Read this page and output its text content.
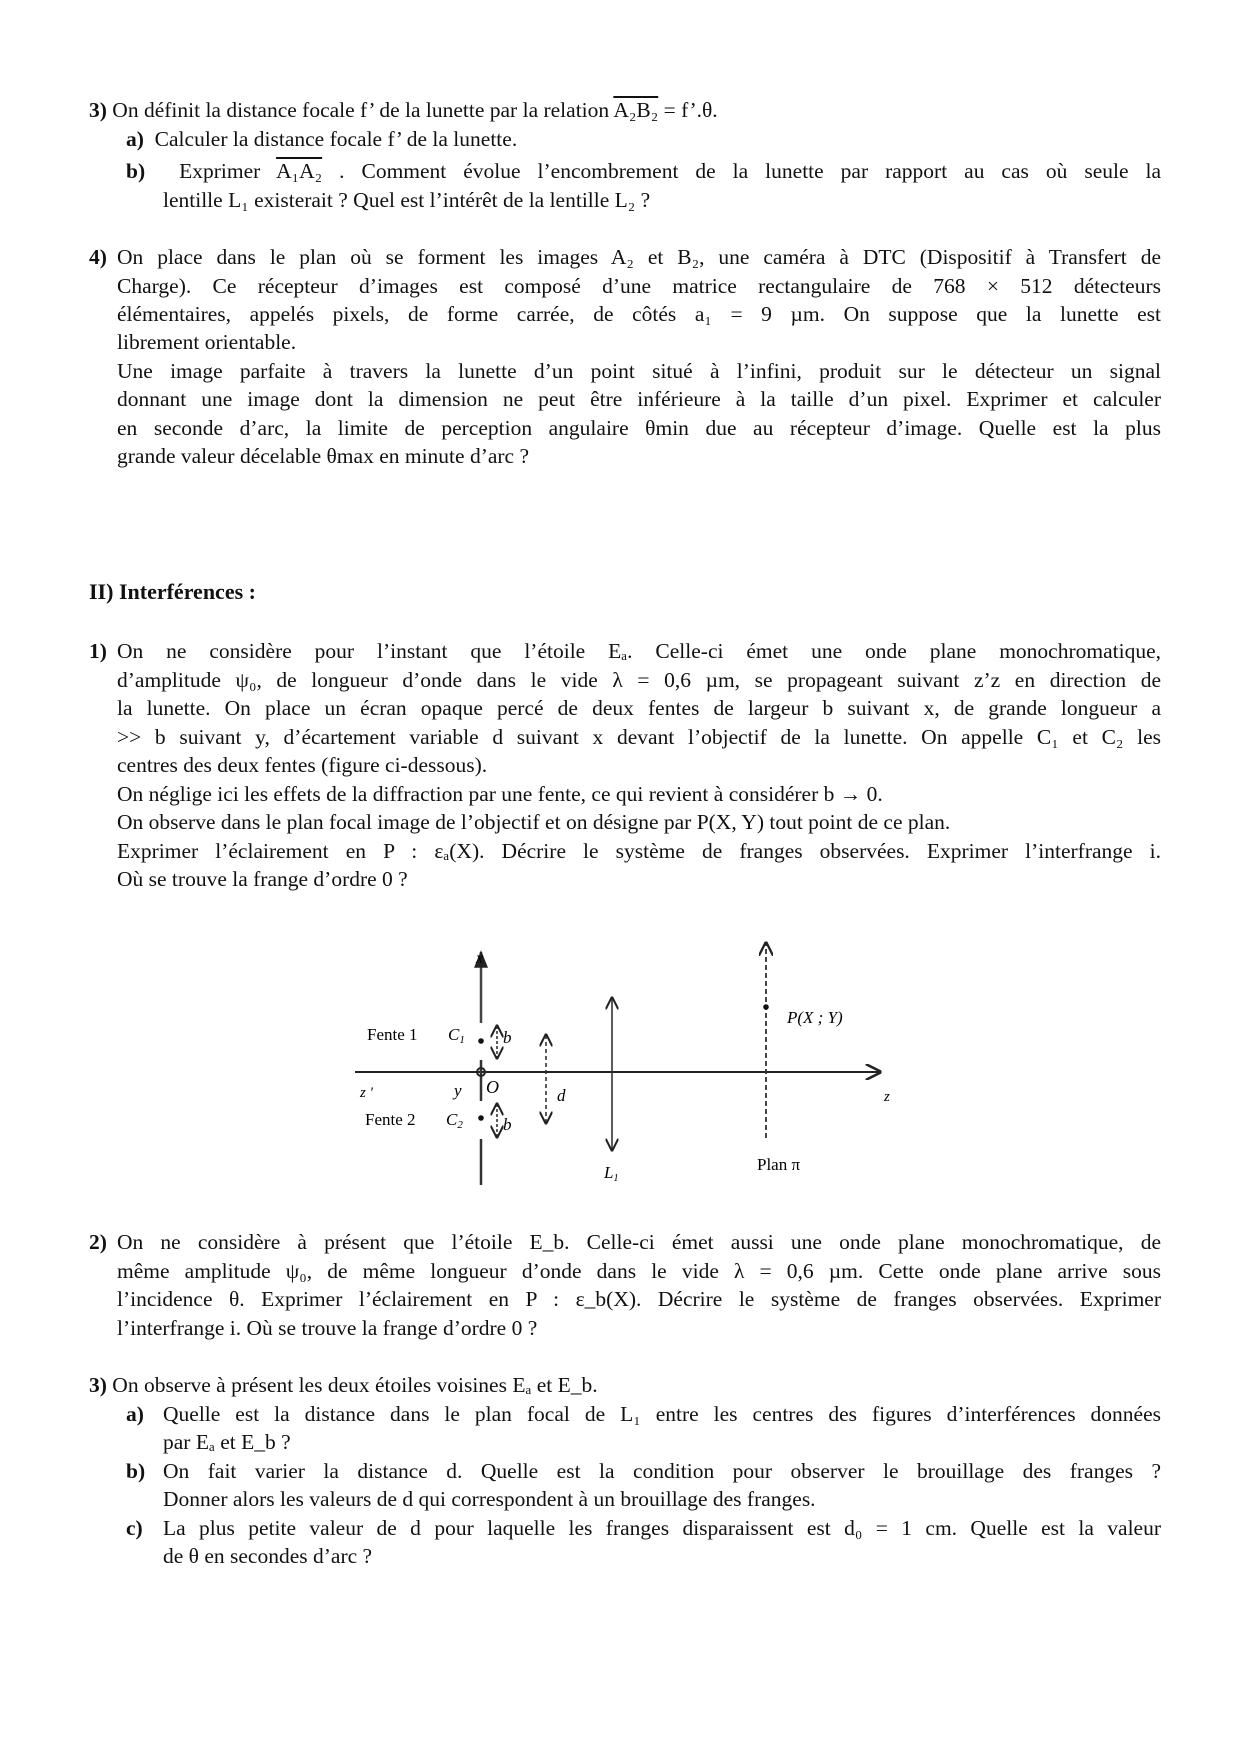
3) On définit la distance focale f’ de la lunette par la relation A₂B₂ = f’.θ.
a) Calculer la distance focale f’ de la lunette.
b) Exprimer A₁A₂ . Comment évolue l’encombrement de la lunette par rapport au cas où seule la
lentille L₁ existerait ? Quel est l’intérêt de la lentille L₂ ?
4) On place dans le plan où se forment les images A₂ et B₂, une caméra à DTC (Dispositif à Transfert de
Charge). Ce récepteur d’images est composé d’une matrice rectangulaire de 768 × 512 détecteurs
élémentaires, appelés pixels, de forme carrée, de côtés a₁ = 9 µm. On suppose que la lunette est
librement orientable.
Une image parfaite à travers la lunette d’un point situé à l’infini, produit sur le détecteur un signal
donnant une image dont la dimension ne peut être inférieure à la taille d’un pixel. Exprimer et calculer
en seconde d’arc, la limite de perception angulaire θmin due au récepteur d’image. Quelle est la plus
grande valeur décelable θmax en minute d’arc ?
II) Interférences :
1) On ne considère pour l’instant que l’étoile Eₐ. Celle-ci émet une onde plane monochromatique,
d’amplitude ψ₀, de longueur d’onde dans le vide λ = 0,6 µm, se propageant suivant z’z en direction de
la lunette. On place un écran opaque percé de deux fentes de largeur b suivant x, de grande longueur a
>> b suivant y, d’écartement variable d suivant x devant l’objectif de la lunette. On appelle C₁ et C₂ les
centres des deux fentes (figure ci-dessous).
On néglige ici les effets de la diffraction par une fente, ce qui revient à considérer b → 0.
On observe dans le plan focal image de l’objectif et on désigne par P(X, Y) tout point de ce plan.
Exprimer l’éclairement en P : εₐ(X). Décrire le système de franges observées. Exprimer l’interfrange i.
Où se trouve la frange d’ordre 0 ?
x
Fente 1 C1 b
z '	y O	d
Fente 2 C2 b
L1
P(X ; Y)
z
Plan π
2) On ne considère à présent que l’étoile E_b. Celle-ci émet aussi une onde plane monochromatique, de
même amplitude ψ₀, de même longueur d’onde dans le vide λ = 0,6 µm. Cette onde plane arrive sous
l’incidence θ. Exprimer l’éclairement en P : ε_b(X). Décrire le système de franges observées. Exprimer
l’interfrange i. Où se trouve la frange d’ordre 0 ?
3) On observe à présent les deux étoiles voisines Eₐ et E_b.
a) Quelle est la distance dans le plan focal de L₁ entre les centres des figures d’interférences données
par Eₐ et E_b ?
b) On fait varier la distance d. Quelle est la condition pour observer le brouillage des franges ?
Donner alors les valeurs de d qui correspondent à un brouillage des franges.
c) La plus petite valeur de d pour laquelle les franges disparaissent est d₀ = 1 cm. Quelle est la valeur
de θ en secondes d’arc ?
